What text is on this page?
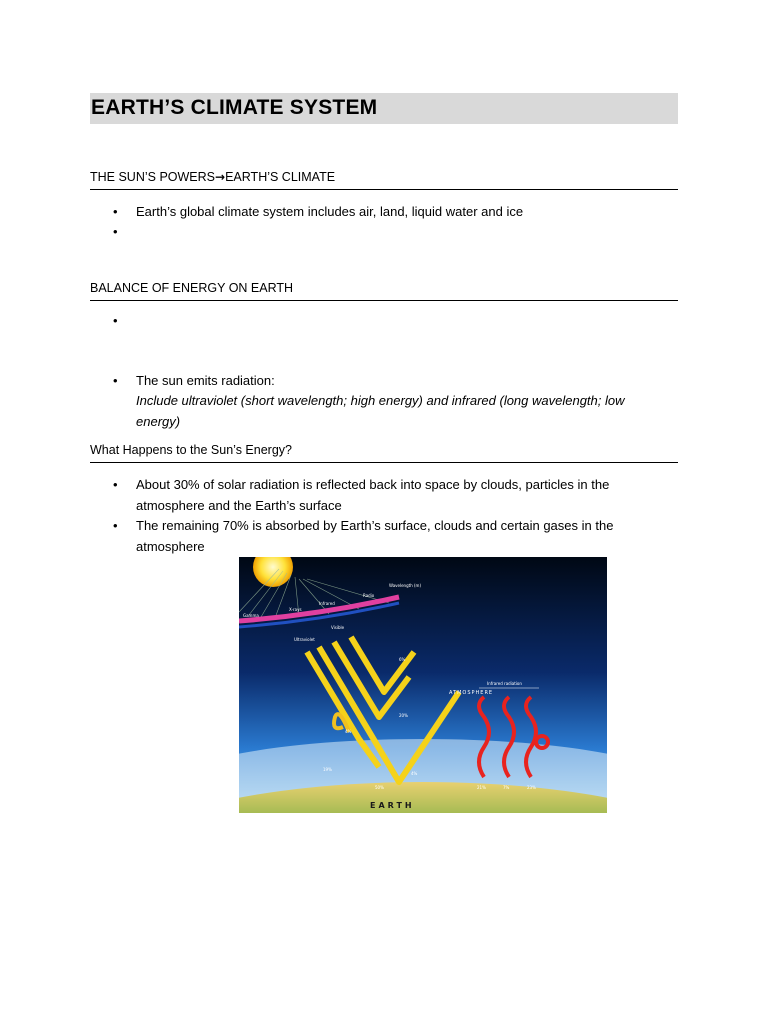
EARTH’S CLIMATE SYSTEM
THE SUN’S POWERS→EARTH’S CLIMATE
•	Earth’s global climate system includes air, land, liquid water and ice
•
BALANCE OF ENERGY ON EARTH
•
•	The sun emits radiation:
Include ultraviolet (short wavelength; high energy) and infrared (long wavelength; low energy)
What Happens to the Sun’s Energy?
•	About 30% of solar radiation is reflected back into space by clouds, particles in the atmosphere and the Earth’s surface
•	The remaining 70% is absorbed by Earth’s surface, clouds and certain gases in the atmosphere
Gamma
X-rays
Ultraviolet
Visible
Infrared
Radio
Wavelength (m)
ATMOSPHERE
Infrared radiation
6%
20%
4%
19%
50%
4%
21%	7%	23%
EARTH
